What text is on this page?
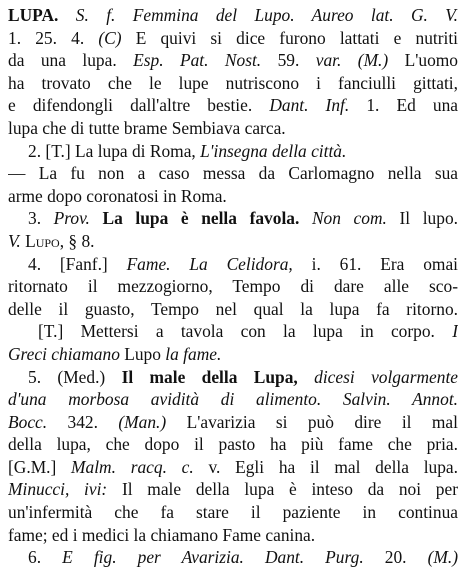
LUPA. S. f. Femmina del Lupo. Aureo lat. G. V.
1. 25. 4. (C) E quivi si dice furono lattati e nutriti
da una lupa. Esp. Pat. Nost. 59. var. (M.) L'uomo
ha trovato che le lupe nutriscono i fanciulli gittati,
e difendongli dall'altre bestie. Dant. Inf. 1. Ed una
lupa che di tutte brame Sembiava carca.
2. [T.] La lupa di Roma, L'insegna della città.
— La fu non a caso messa da Carlomagno nella sua
arme dopo coronatosi in Roma.
3. Prov. La lupa è nella favola. Non com. Il lupo.
V. Lupo, § 8.
4. [Fanf.] Fame. La Celidora, i. 61. Era omai
ritornato il mezzogiorno, Tempo di dare alle sco-
delle il guasto, Tempo nel qual la lupa fa ritorno.
[T.] Mettersi a tavola con la lupa in corpo. I
Greci chiamano Lupo la fame.
5. (Med.) Il male della Lupa, dicesi volgarmente
d'una morbosa avidità di alimento. Salvin. Annot.
Bocc. 342. (Man.) L'avarizia si può dire il mal
della lupa, che dopo il pasto ha più fame che pria.
[G.M.] Malm. racq. c. v. Egli ha il mal della lupa.
Minucci, ivi: Il male della lupa è inteso da noi per
un'infermità che fa stare il paziente in continua
fame; ed i medici la chiamano Fame canina.
6. E fig. per Avarizia. Dant. Purg. 20. (M.)
